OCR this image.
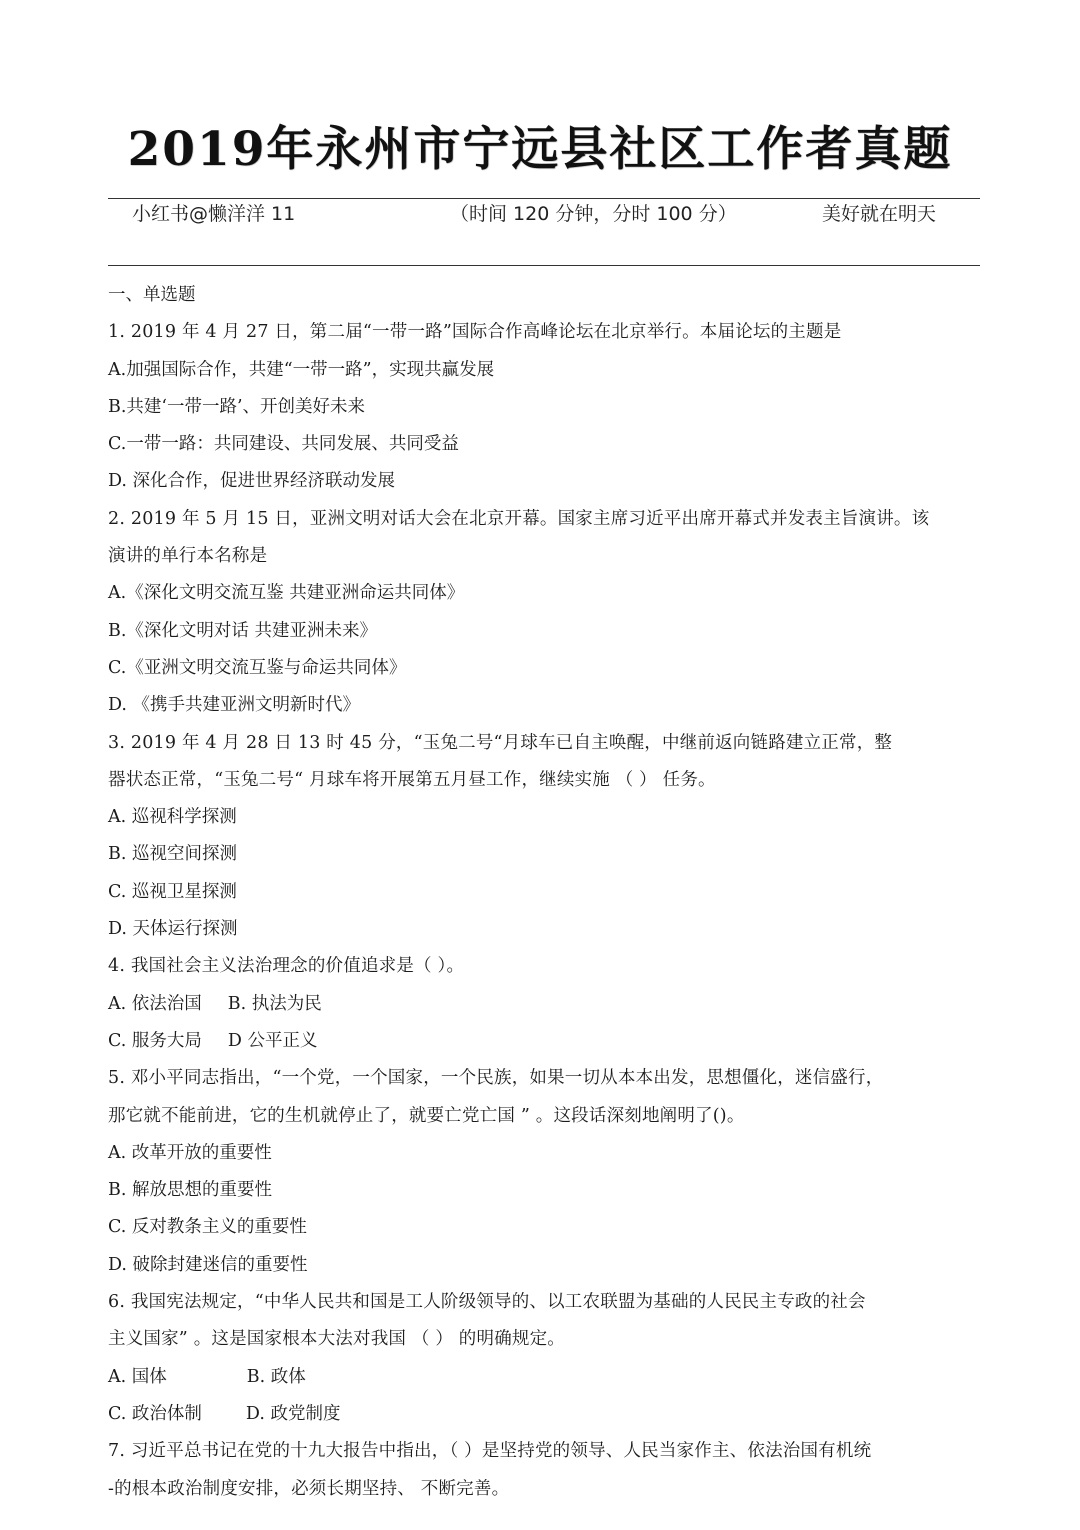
2019年永州市宁远县社区工作者真题
小红书@懒洋洋 11	（时间 120 分钟，分时 100 分）	美好就在明天
一、单选题
1. 2019 年 4 月 27 日，第二届“一带一路”国际合作高峰论坛在北京举行。本届论坛的主题是
A.加强国际合作，共建“一带一路”，实现共赢发展
B.共建‘一带一路’、开创美好未来
C.一带一路：共同建设、共同发展、共同受益
D. 深化合作，促进世界经济联动发展
2. 2019 年 5 月 15 日，亚洲文明对话大会在北京开幕。国家主席习近平出席开幕式并发表主旨演讲。该
演讲的单行本名称是
A.《深化文明交流互鉴 共建亚洲命运共同体》
B.《深化文明对话 共建亚洲未来》
C.《亚洲文明交流互鉴与命运共同体》
D. 《携手共建亚洲文明新时代》
3. 2019 年 4 月 28 日 13 时 45 分，“玉兔二号“月球车已自主唤醒，中继前返向链路建立正常，整
器状态正常，“玉兔二号“ 月球车将开展第五月昼工作，继续实施 （ ） 任务。
A. 巡视科学探测
B. 巡视空间探测
C. 巡视卫星探测
D. 天体运行探测
4. 我国社会主义法治理念的价值追求是（ ）。
A. 依法治国 B. 执法为民
C. 服务大局 D 公平正义
5. 邓小平同志指出，“一个党，一个国家，一个民族，如果一切从本本出发，思想僵化，迷信盛行，
那它就不能前进，它的生机就停止了，就要亡党亡国 ” 。这段话深刻地阐明了()。
A. 改革开放的重要性
B. 解放思想的重要性
C. 反对教条主义的重要性
D. 破除封建迷信的重要性
6. 我国宪法规定，“中华人民共和国是工人阶级领导的、以工农联盟为基础的人民民主专政的社会
主义国家” 。这是国家根本大法对我国 （ ） 的明确规定。
A. 国体	B. 政体
C. 政治体制	D. 政党制度
7. 习近平总书记在党的十九大报告中指出，（ ）是坚持党的领导、人民当家作主、依法治国有机统
-的根本政治制度安排，必须长期坚持、 不断完善。
